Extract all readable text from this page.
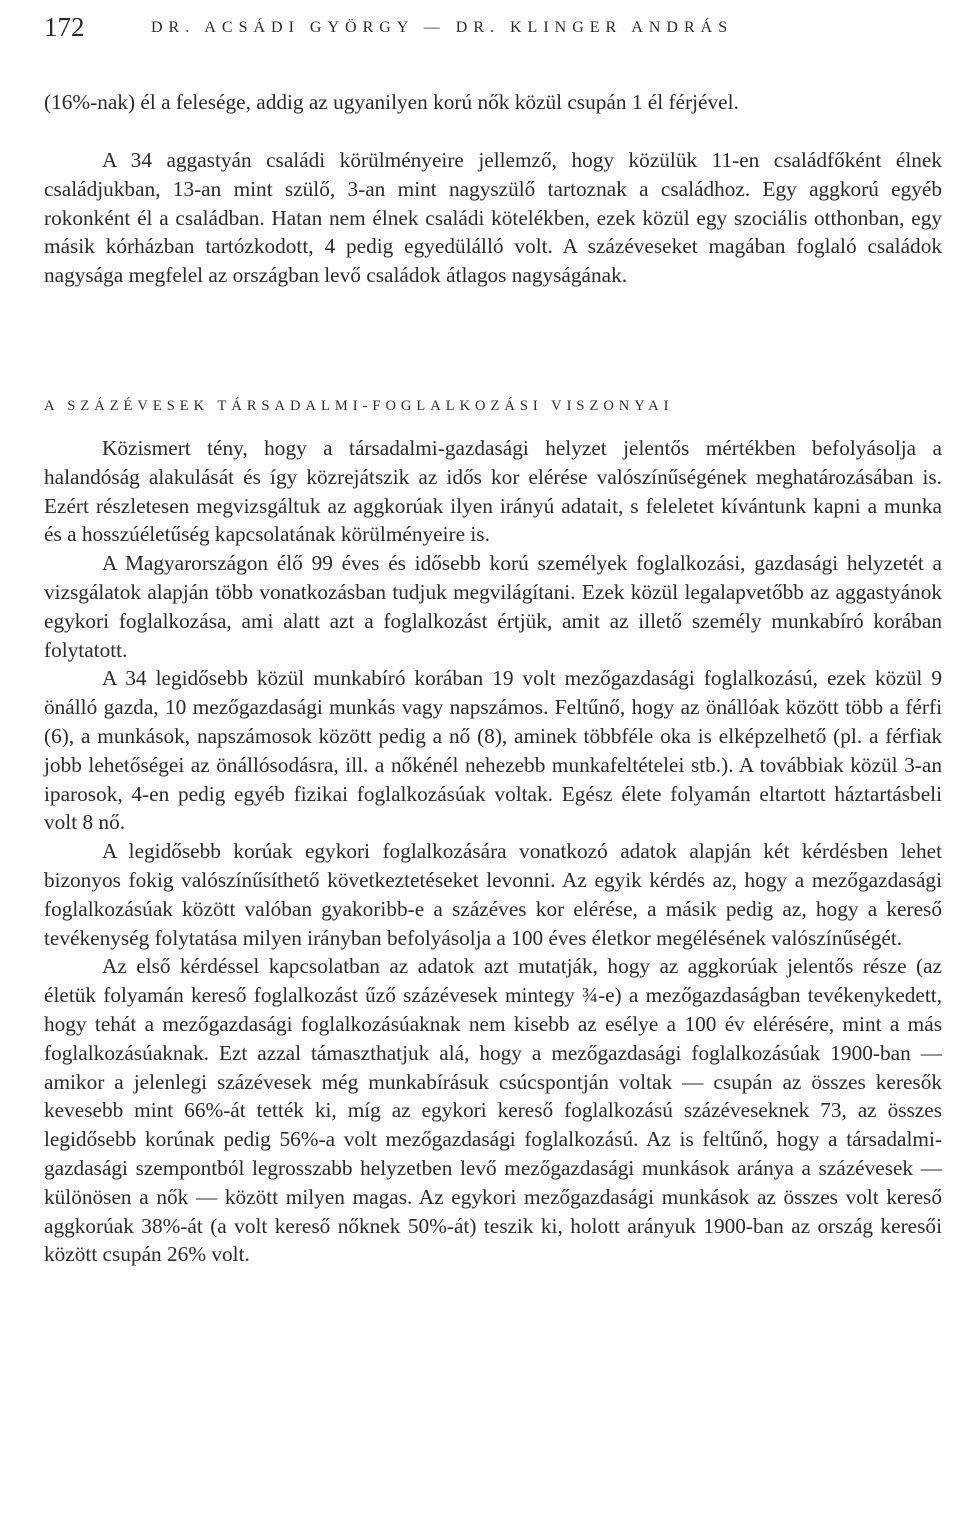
172	DR. ACSÁDI GYÖRGY — DR. KLINGER ANDRÁS

(16%-nak) él a felesége, addig az ugyanilyen korú nők közül csupán 1 él férjével.

A 34 aggastyán családi körülményeire jellemző, hogy közülük 11-en családfőként élnek családjukban, 13-an mint szülő, 3-an mint nagyszülő tartoznak a családhoz. Egy aggkorú egyéb rokonként él a családban. Hatan nem élnek családi kötelékben, ezek közül egy szociális otthonban, egy másik kórházban tartózkodott, 4 pedig egyedülálló volt. A százéveseket magában foglaló családok nagysága megfelel az országban levő családok átlagos nagyságának.

A SZÁZÉVESEK TÁRSADALMI-FOGLALKOZÁSI VISZONYAI

Közismert tény, hogy a társadalmi-gazdasági helyzet jelentős mértékben befolyásolja a halandóság alakulását és így közrejátszik az idős kor elérése valószínűségének meghatározásában is. Ezért részletesen megvizsgáltuk az aggkorúak ilyen irányú adatait, s feleletet kívántunk kapni a munka és a hosszúéletűség kapcsolatának körülményeire is.

A Magyarországon élő 99 éves és idősebb korú személyek foglalkozási, gazdasági helyzetét a vizsgálatok alapján több vonatkozásban tudjuk megvilágítani. Ezek közül legalapvetőbb az aggastyánok egykori foglalkozása, ami alatt azt a foglalkozást értjük, amit az illető személy munkabíró korában folytatott.

A 34 legidősebb közül munkabíró korában 19 volt mezőgazdasági foglalkozású, ezek közül 9 önálló gazda, 10 mezőgazdasági munkás vagy napszámos. Feltűnő, hogy az önállóak között több a férfi (6), a munkások, napszámosok között pedig a nő (8), aminek többféle oka is elképzelhető (pl. a férfiak jobb lehetőségei az önállósodásra, ill. a nőkénél nehezebb munkafeltételei stb.). A továbbiak közül 3-an iparosok, 4-en pedig egyéb fizikai foglalkozásúak voltak. Egész élete folyamán eltartott háztartásbeli volt 8 nő.

A legidősebb korúak egykori foglalkozására vonatkozó adatok alapján két kérdésben lehet bizonyos fokig valószínűsíthető következtetéseket levonni. Az egyik kérdés az, hogy a mezőgazdasági foglalkozásúak között valóban gyakoribb-e a százéves kor elérése, a másik pedig az, hogy a kereső tevékenység folytatása milyen irányban befolyásolja a 100 éves életkor megélésének valószínűségét.

Az első kérdéssel kapcsolatban az adatok azt mutatják, hogy az aggkorúak jelentős része (az életük folyamán kereső foglalkozást űző százévesek mintegy ¾-e) a mezőgazdaságban tevékenykedett, hogy tehát a mezőgazdasági foglalkozásúaknak nem kisebb az esélye a 100 év elérésére, mint a más foglalkozásúaknak. Ezt azzal támaszthatjuk alá, hogy a mezőgazdasági foglalkozásúak 1900-ban — amikor a jelenlegi százévesek még munkabírásuk csúcspontján voltak — csupán az összes keresők kevesebb mint 66%-át tették ki, míg az egykori kereső foglalkozású százéveseknek 73, az összes legidősebb korúnak pedig 56%-a volt mezőgazdasági foglalkozású. Az is feltűnő, hogy a társadalmi-gazdasági szempontból legrosszabb helyzetben levő mezőgazdasági munkások aránya a százévesek — különösen a nők — között milyen magas. Az egykori mezőgazdasági munkások az összes volt kereső aggkorúak 38%-át (a volt kereső nőknek 50%-át) teszik ki, holott arányuk 1900-ban az ország keresői között csupán 26% volt.
